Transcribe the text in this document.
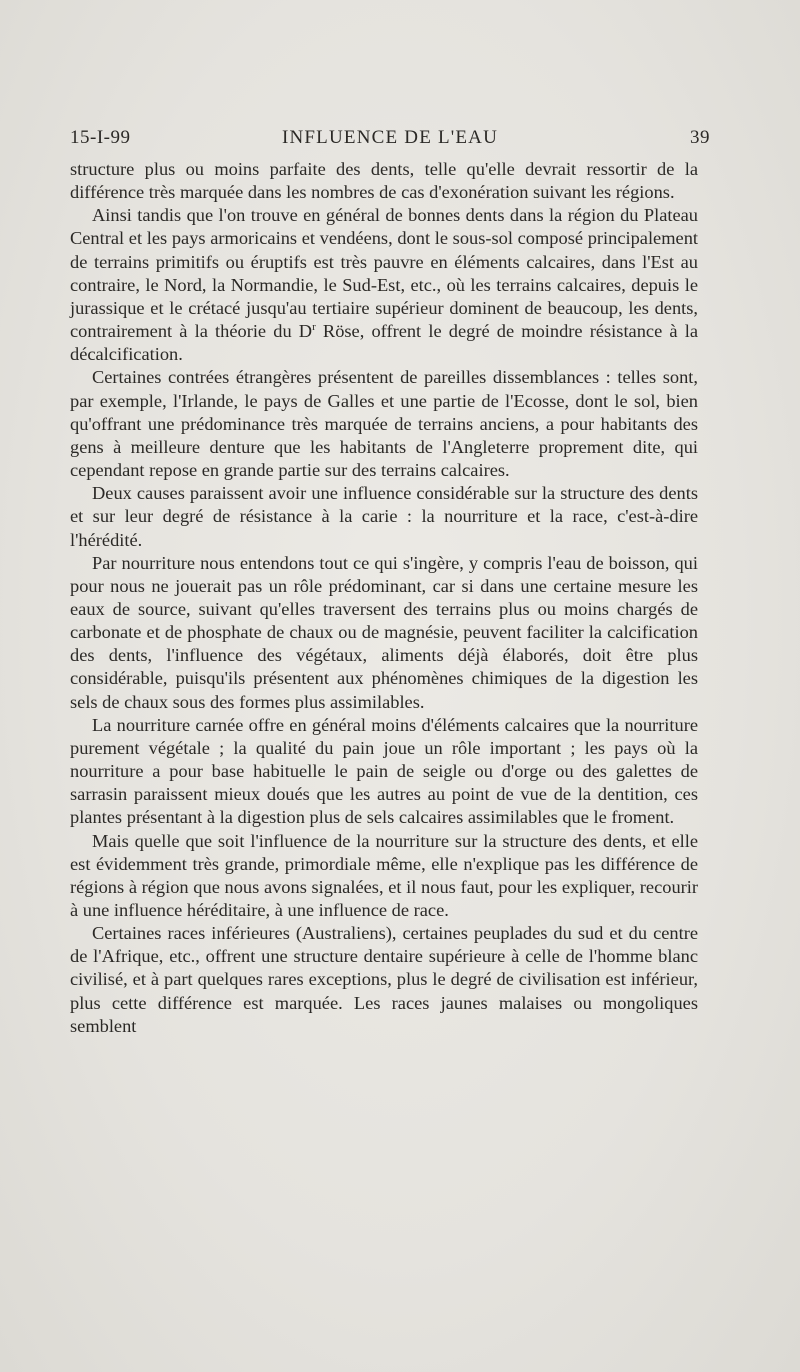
15-I-99	INFLUENCE DE L'EAU	39

structure plus ou moins parfaite des dents, telle qu'elle devrait ressortir de la différence très marquée dans les nombres de cas d'exonération suivant les régions.

Ainsi tandis que l'on trouve en général de bonnes dents dans la région du Plateau Central et les pays armoricains et vendéens, dont le sous-sol composé principalement de terrains primitifs ou éruptifs est très pauvre en éléments calcaires, dans l'Est au contraire, le Nord, la Normandie, le Sud-Est, etc., où les terrains calcaires, depuis le jurassique et le crétacé jusqu'au tertiaire supérieur dominent de beaucoup, les dents, contrairement à la théorie du $D^r$ Röse, offrent le degré de moindre résistance à la décalcification.

Certaines contrées étrangères présentent de pareilles dissemblances : telles sont, par exemple, l'Irlande, le pays de Galles et une partie de l'Ecosse, dont le sol, bien qu'offrant une prédominance très marquée de terrains anciens, a pour habitants des gens à meilleure denture que les habitants de l'Angleterre proprement dite, qui cependant repose en grande partie sur des terrains calcaires.

Deux causes paraissent avoir une influence considérable sur la structure des dents et sur leur degré de résistance à la carie : la nourriture et la race, c'est-à-dire l'hérédité.

Par nourriture nous entendons tout ce qui s'ingère, y compris l'eau de boisson, qui pour nous ne jouerait pas un rôle prédominant, car si dans une certaine mesure les eaux de source, suivant qu'elles traversent des terrains plus ou moins chargés de carbonate et de phosphate de chaux ou de magnésie, peuvent faciliter la calcification des dents, l'influence des végétaux, aliments déjà élaborés, doit être plus considérable, puisqu'ils présentent aux phénomènes chimiques de la digestion les sels de chaux sous des formes plus assimilables.

La nourriture carnée offre en général moins d'éléments calcaires que la nourriture purement végétale ; la qualité du pain joue un rôle important ; les pays où la nourriture a pour base habituelle le pain de seigle ou d'orge ou des galettes de sarrasin paraissent mieux doués que les autres au point de vue de la dentition, ces plantes présentant à la digestion plus de sels calcaires assimilables que le froment.

Mais quelle que soit l'influence de la nourriture sur la structure des dents, et elle est évidemment très grande, primordiale même, elle n'explique pas les différence de régions à région que nous avons signalées, et il nous faut, pour les expliquer, recourir à une influence héréditaire, à une influence de race.

Certaines races inférieures (Australiens), certaines peuplades du sud et du centre de l'Afrique, etc., offrent une structure dentaire supérieure à celle de l'homme blanc civilisé, et à part quelques rares exceptions, plus le degré de civilisation est inférieur, plus cette différence est marquée. Les races jaunes malaises ou mongoliques semblent
